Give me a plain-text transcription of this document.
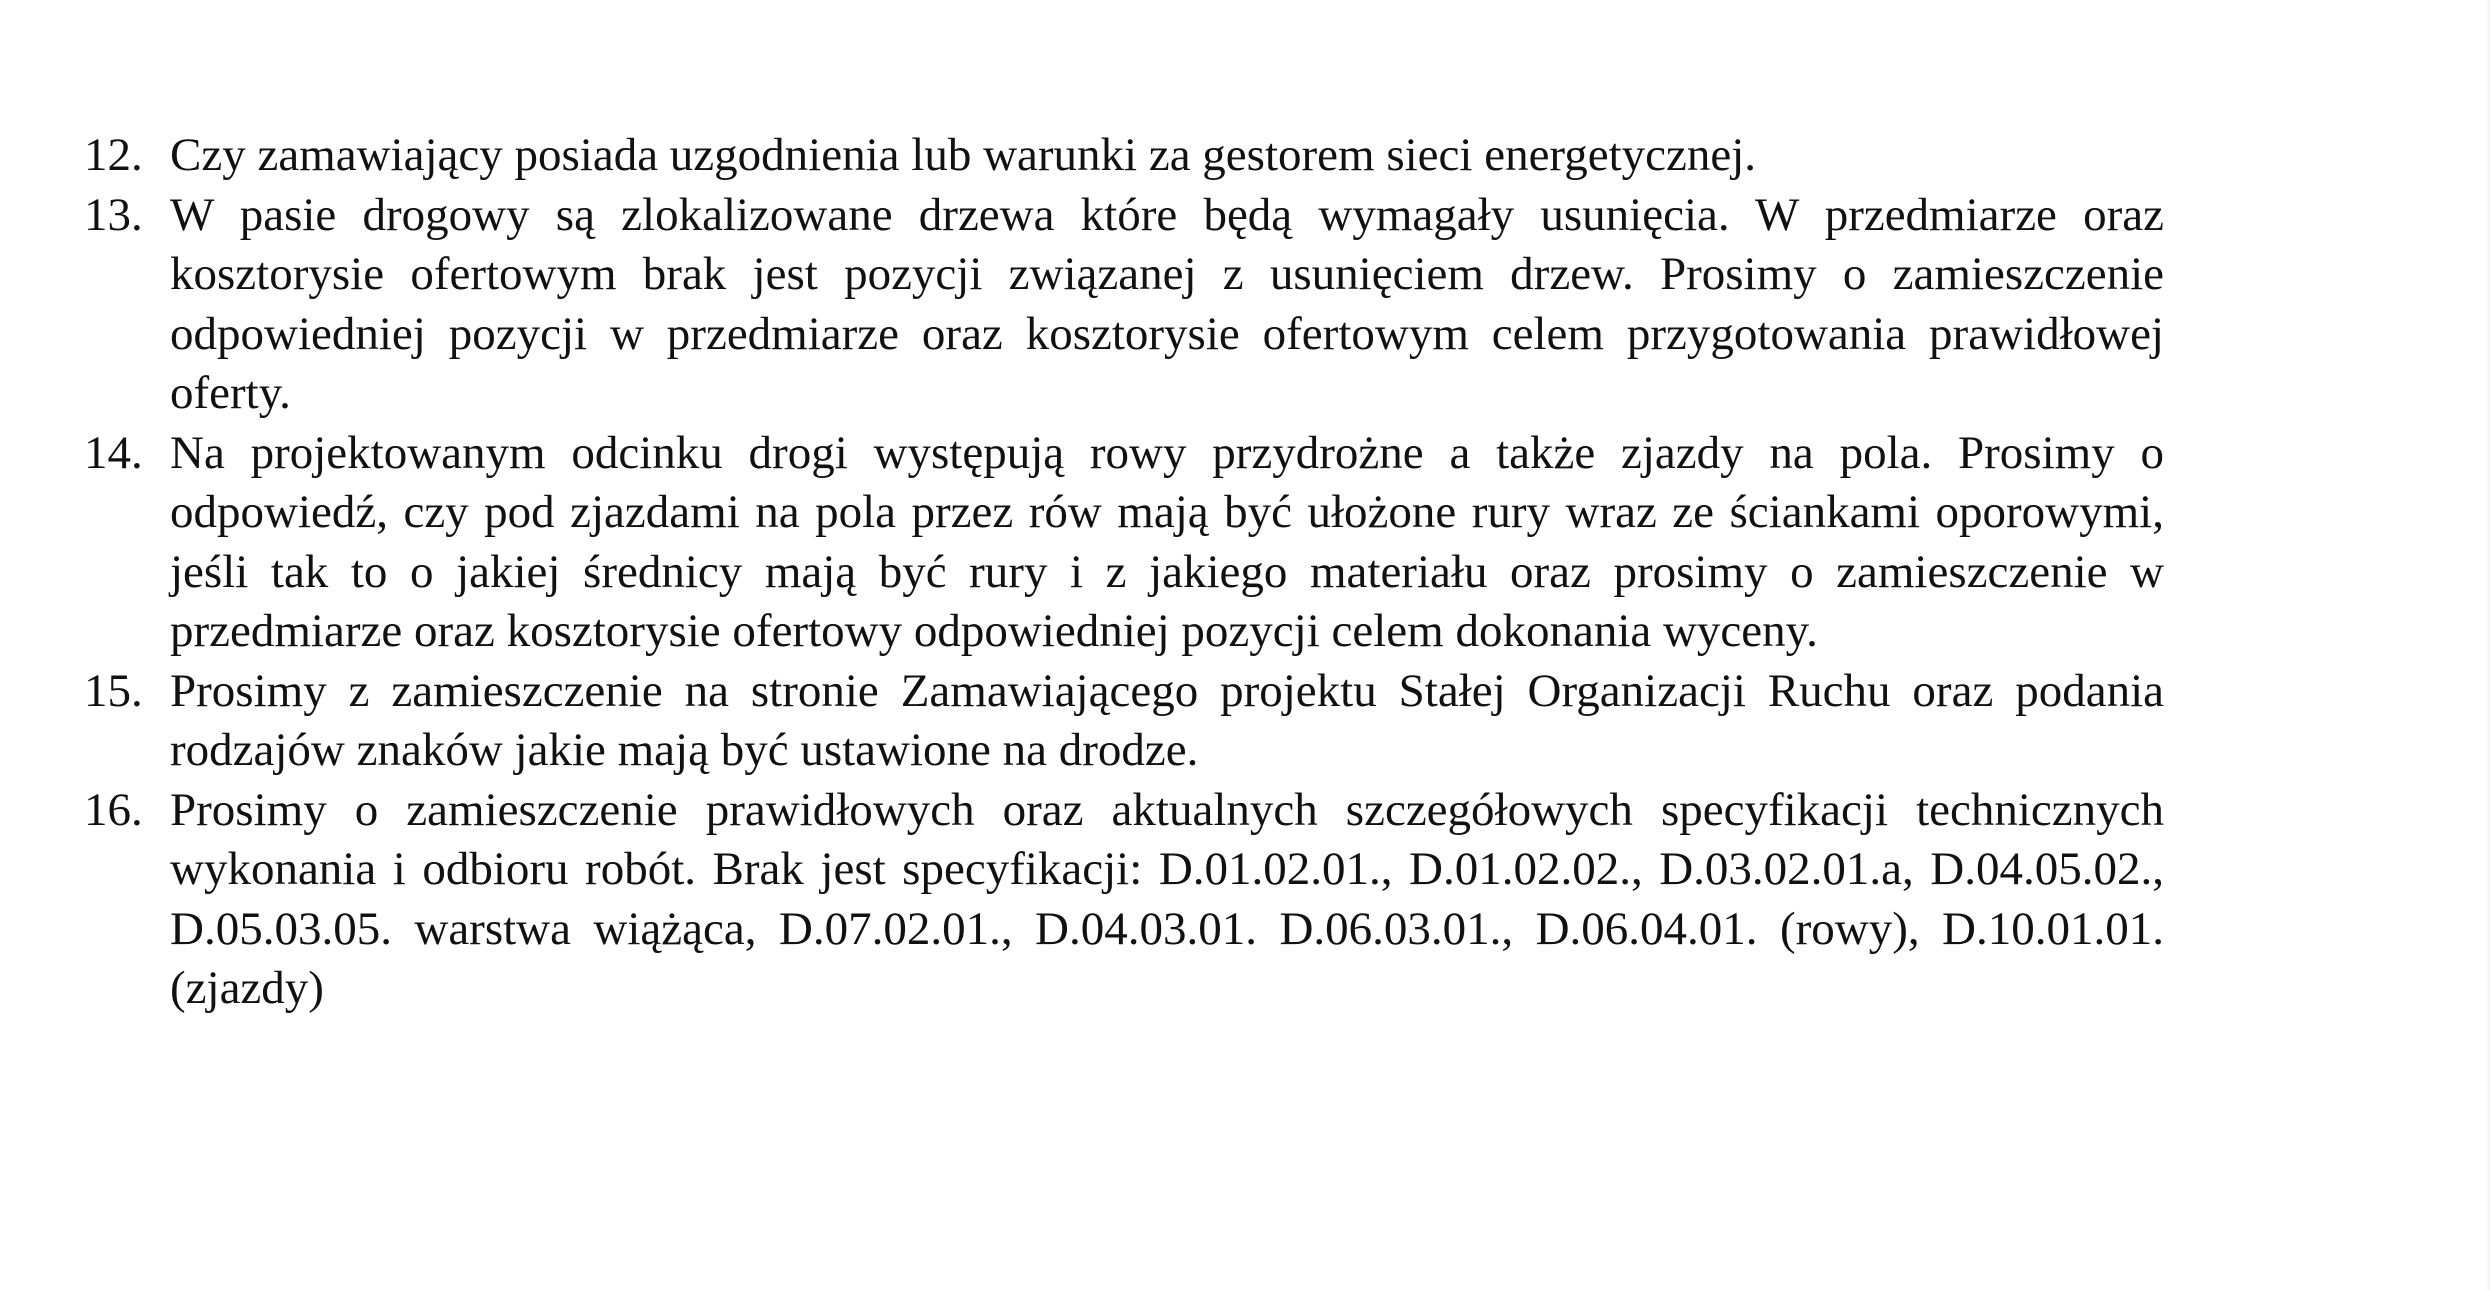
12. Czy zamawiający posiada uzgodnienia lub warunki za gestorem sieci energetycznej.

13. W pasie drogowy są zlokalizowane drzewa które będą wymagały usunięcia. W przedmiarze oraz kosztorysie ofertowym brak jest pozycji związanej z usunięciem drzew. Prosimy o zamieszczenie odpowiedniej pozycji w przedmiarze oraz kosztorysie ofertowym celem przygotowania prawidłowej oferty.

14. Na projektowanym odcinku drogi występują rowy przydrożne a także zjazdy na pola. Prosimy o odpowiedź, czy pod zjazdami na pola przez rów mają być ułożone rury wraz ze ściankami oporowymi, jeśli tak to o jakiej średnicy mają być rury i z jakiego materiału oraz prosimy o zamieszczenie w przedmiarze oraz kosztorysie ofertowy odpowiedniej pozycji celem dokonania wyceny.

15. Prosimy z zamieszczenie na stronie Zamawiającego projektu Stałej Organizacji Ruchu oraz podania rodzajów znaków jakie mają być ustawione na drodze.

16. Prosimy o zamieszczenie prawidłowych oraz aktualnych szczegółowych specyfikacji technicznych wykonania i odbioru robót. Brak jest specyfikacji: D.01.02.01., D.01.02.02., D.03.02.01.a, D.04.05.02., D.05.03.05. warstwa wiążąca, D.07.02.01., D.04.03.01. D.06.03.01., D.06.04.01. (rowy), D.10.01.01. (zjazdy)
